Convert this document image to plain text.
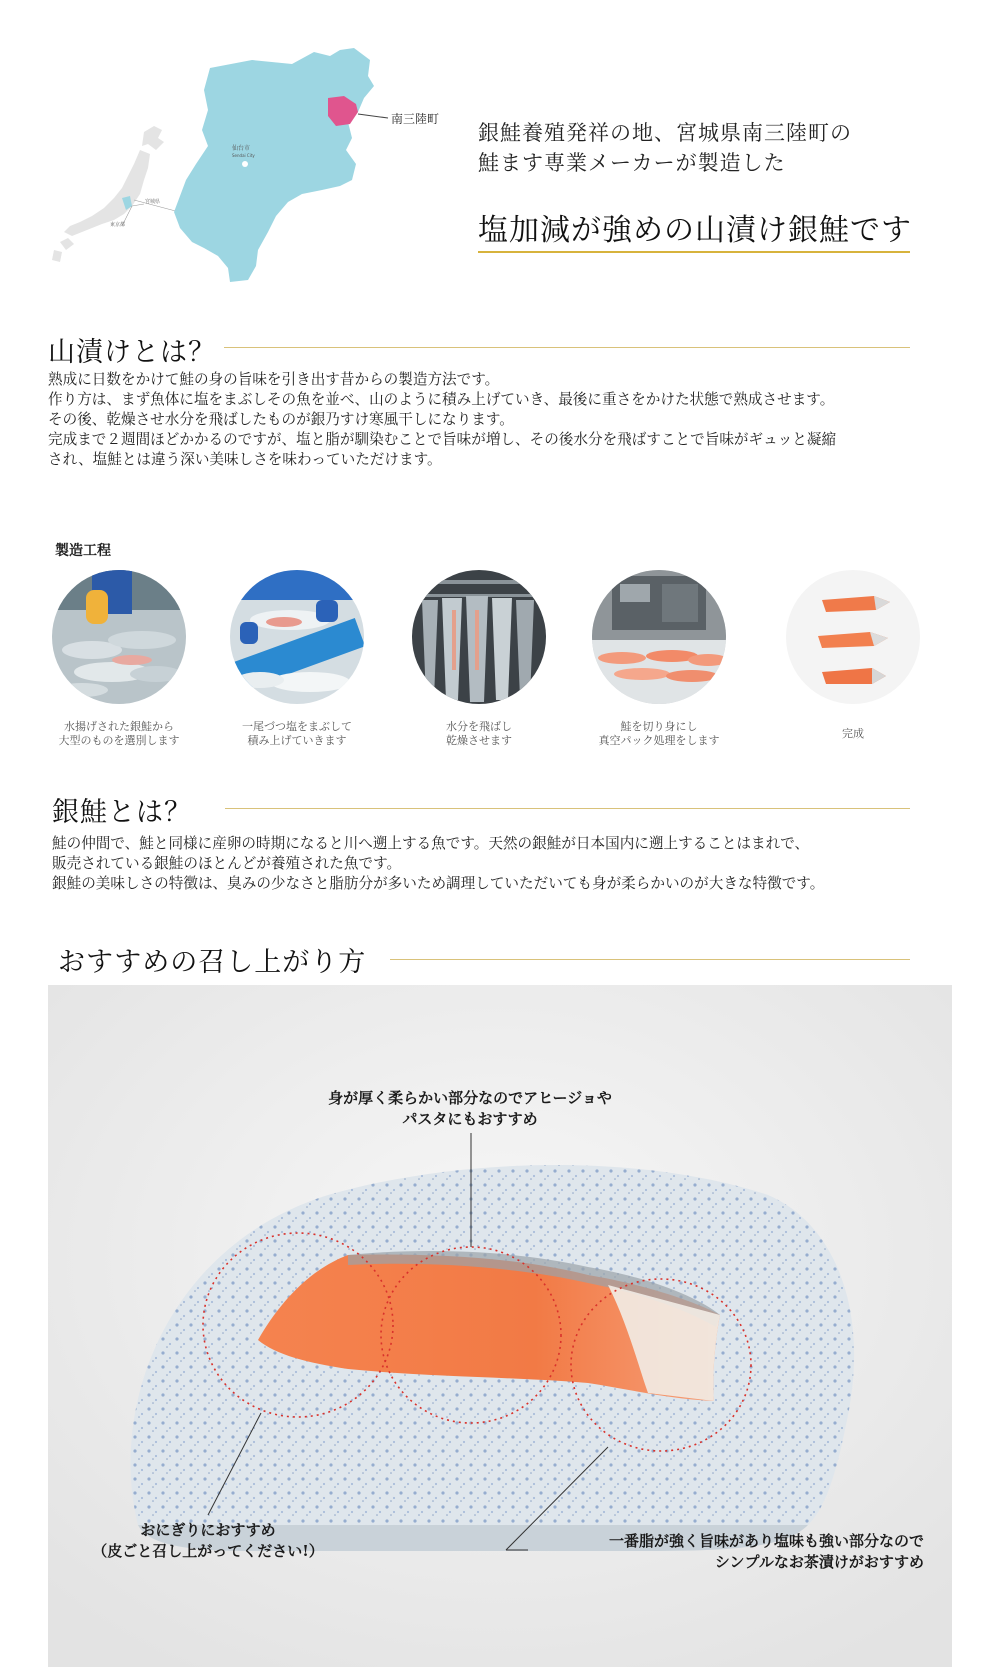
宮城県
東京都
仙台市
Sendai City
南三陸町
銀鮭養殖発祥の地、宮城県南三陸町の
鮭ます専業メーカーが製造した
塩加減が強めの山漬け銀鮭です
山漬けとは？
熟成に日数をかけて鮭の身の旨味を引き出す昔からの製造方法です。
作り方は、まず魚体に塩をまぶしその魚を並べ、山のように積み上げていき、最後に重さをかけた状態で熟成させます。
その後、乾燥させ水分を飛ばしたものが銀乃すけ寒風干しになります。
完成まで２週間ほどかかるのですが、塩と脂が馴染むことで旨味が増し、その後水分を飛ばすことで旨味がギュッと凝縮
され、塩鮭とは違う深い美味しさを味わっていただけます。
製造工程
水揚げされた銀鮭から
大型のものを選別します
一尾づつ塩をまぶして
積み上げていきます
水分を飛ばし
乾燥させます
鮭を切り身にし
真空パック処理をします
完成
銀鮭とは？
鮭の仲間で、鮭と同様に産卵の時期になると川へ遡上する魚です。天然の銀鮭が日本国内に遡上することはまれで、
販売されている銀鮭のほとんどが養殖された魚です。
銀鮭の美味しさの特徴は、臭みの少なさと脂肪分が多いため調理していただいても身が柔らかいのが大きな特徴です。
おすすめの召し上がり方
身が厚く柔らかい部分なのでアヒージョや
パスタにもおすすめ
おにぎりにおすすめ
（皮ごと召し上がってください!）
一番脂が強く旨味があり塩味も強い部分なので
シンプルなお茶漬けがおすすめ
